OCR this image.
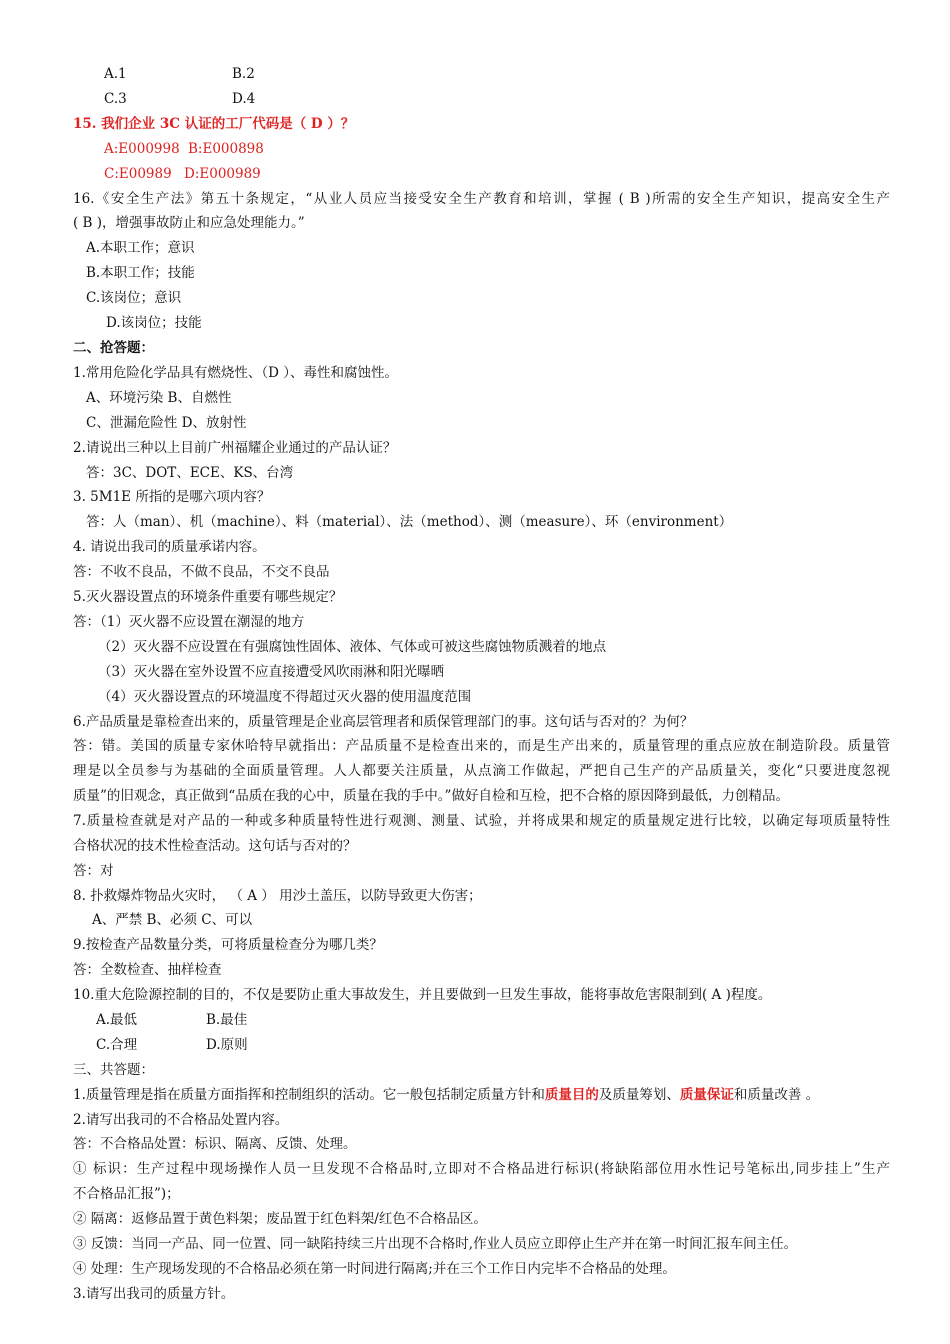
A.1	B.2
C.3	D.4
15. 我们企业 3C 认证的工厂代码是（ D ）？
A:E000998 B:E000898
C:E00989 D:E000989
16.《安全生产法》第五十条规定，“从业人员应当接受安全生产教育和培训，掌握 ( B )所需的安全生产知识，提高安全生产
( B )，增强事故防止和应急处理能力。”
A.本职工作；意识
B.本职工作；技能
C.该岗位；意识
D.该岗位；技能
二、抢答题：
1.常用危险化学品具有燃烧性、（D ）、毒性和腐蚀性。
A、环境污染 B、自燃性
C、泄漏危险性 D、放射性
2.请说出三种以上目前广州福耀企业通过的产品认证？
答：3C、DOT、ECE、KS、台湾
3. 5M1E 所指的是哪六项内容？
答：人（man）、机（machine）、料（material）、法（method）、测（measure）、环（environment）
4. 请说出我司的质量承诺内容。
答：不收不良品，不做不良品，不交不良品
5.灭火器设置点的环境条件重要有哪些规定？
答：（1）灭火器不应设置在潮湿的地方
（2）灭火器不应设置在有强腐蚀性固体、液体、气体或可被这些腐蚀物质溅着的地点
（3）灭火器在室外设置不应直接遭受风吹雨淋和阳光曝晒
（4）灭火器设置点的环境温度不得超过灭火器的使用温度范围
6.产品质量是靠检查出来的，质量管理是企业高层管理者和质保管理部门的事。这句话与否对的？为何？
答：错。美国的质量专家休哈特早就指出：产品质量不是检查出来的，而是生产出来的，质量管理的重点应放在制造阶段。质量管
理是以全员参与为基础的全面质量管理。人人都要关注质量，从点滴工作做起，严把自己生产的产品质量关，变化“只要进度忽视
质量”的旧观念，真正做到“品质在我的心中，质量在我的手中。”做好自检和互检，把不合格的原因降到最低，力创精品。
7.质量检查就是对产品的一种或多种质量特性进行观测、测量、试验，并将成果和规定的质量规定进行比较，以确定每项质量特性
合格状况的技术性检查活动。这句话与否对的？
答：对
8. 扑救爆炸物品火灾时， （ A ） 用沙土盖压，以防导致更大伤害；
A、严禁 B、必须 C、可以
9.按检查产品数量分类，可将质量检查分为哪几类？
答：全数检查、抽样检查
10.重大危险源控制的目的，不仅是要防止重大事故发生，并且要做到一旦发生事故，能将事故危害限制到( A )程度。
A.最低	B.最佳
C.合理	D.原则
三、共答题：
1.质量管理是指在质量方面指挥和控制组织的活动。它一般包括制定质量方针和质量目的及质量筹划、质量保证和质量改善 。
2.请写出我司的不合格品处置内容。
答：不合格品处置：标识、隔离、反馈、处理。
① 标识：生产过程中现场操作人员一旦发现不合格品时,立即对不合格品进行标识(将缺陷部位用水性记号笔标出,同步挂上”生产
不合格品汇报”)；
② 隔离：返修品置于黄色料架；废品置于红色料架/红色不合格品区。
③ 反馈：当同一产品、同一位置、同一缺陷持续三片出现不合格时,作业人员应立即停止生产并在第一时间汇报车间主任。
④ 处理：生产现场发现的不合格品必须在第一时间进行隔离;并在三个工作日内完毕不合格品的处理。
3.请写出我司的质量方针。
